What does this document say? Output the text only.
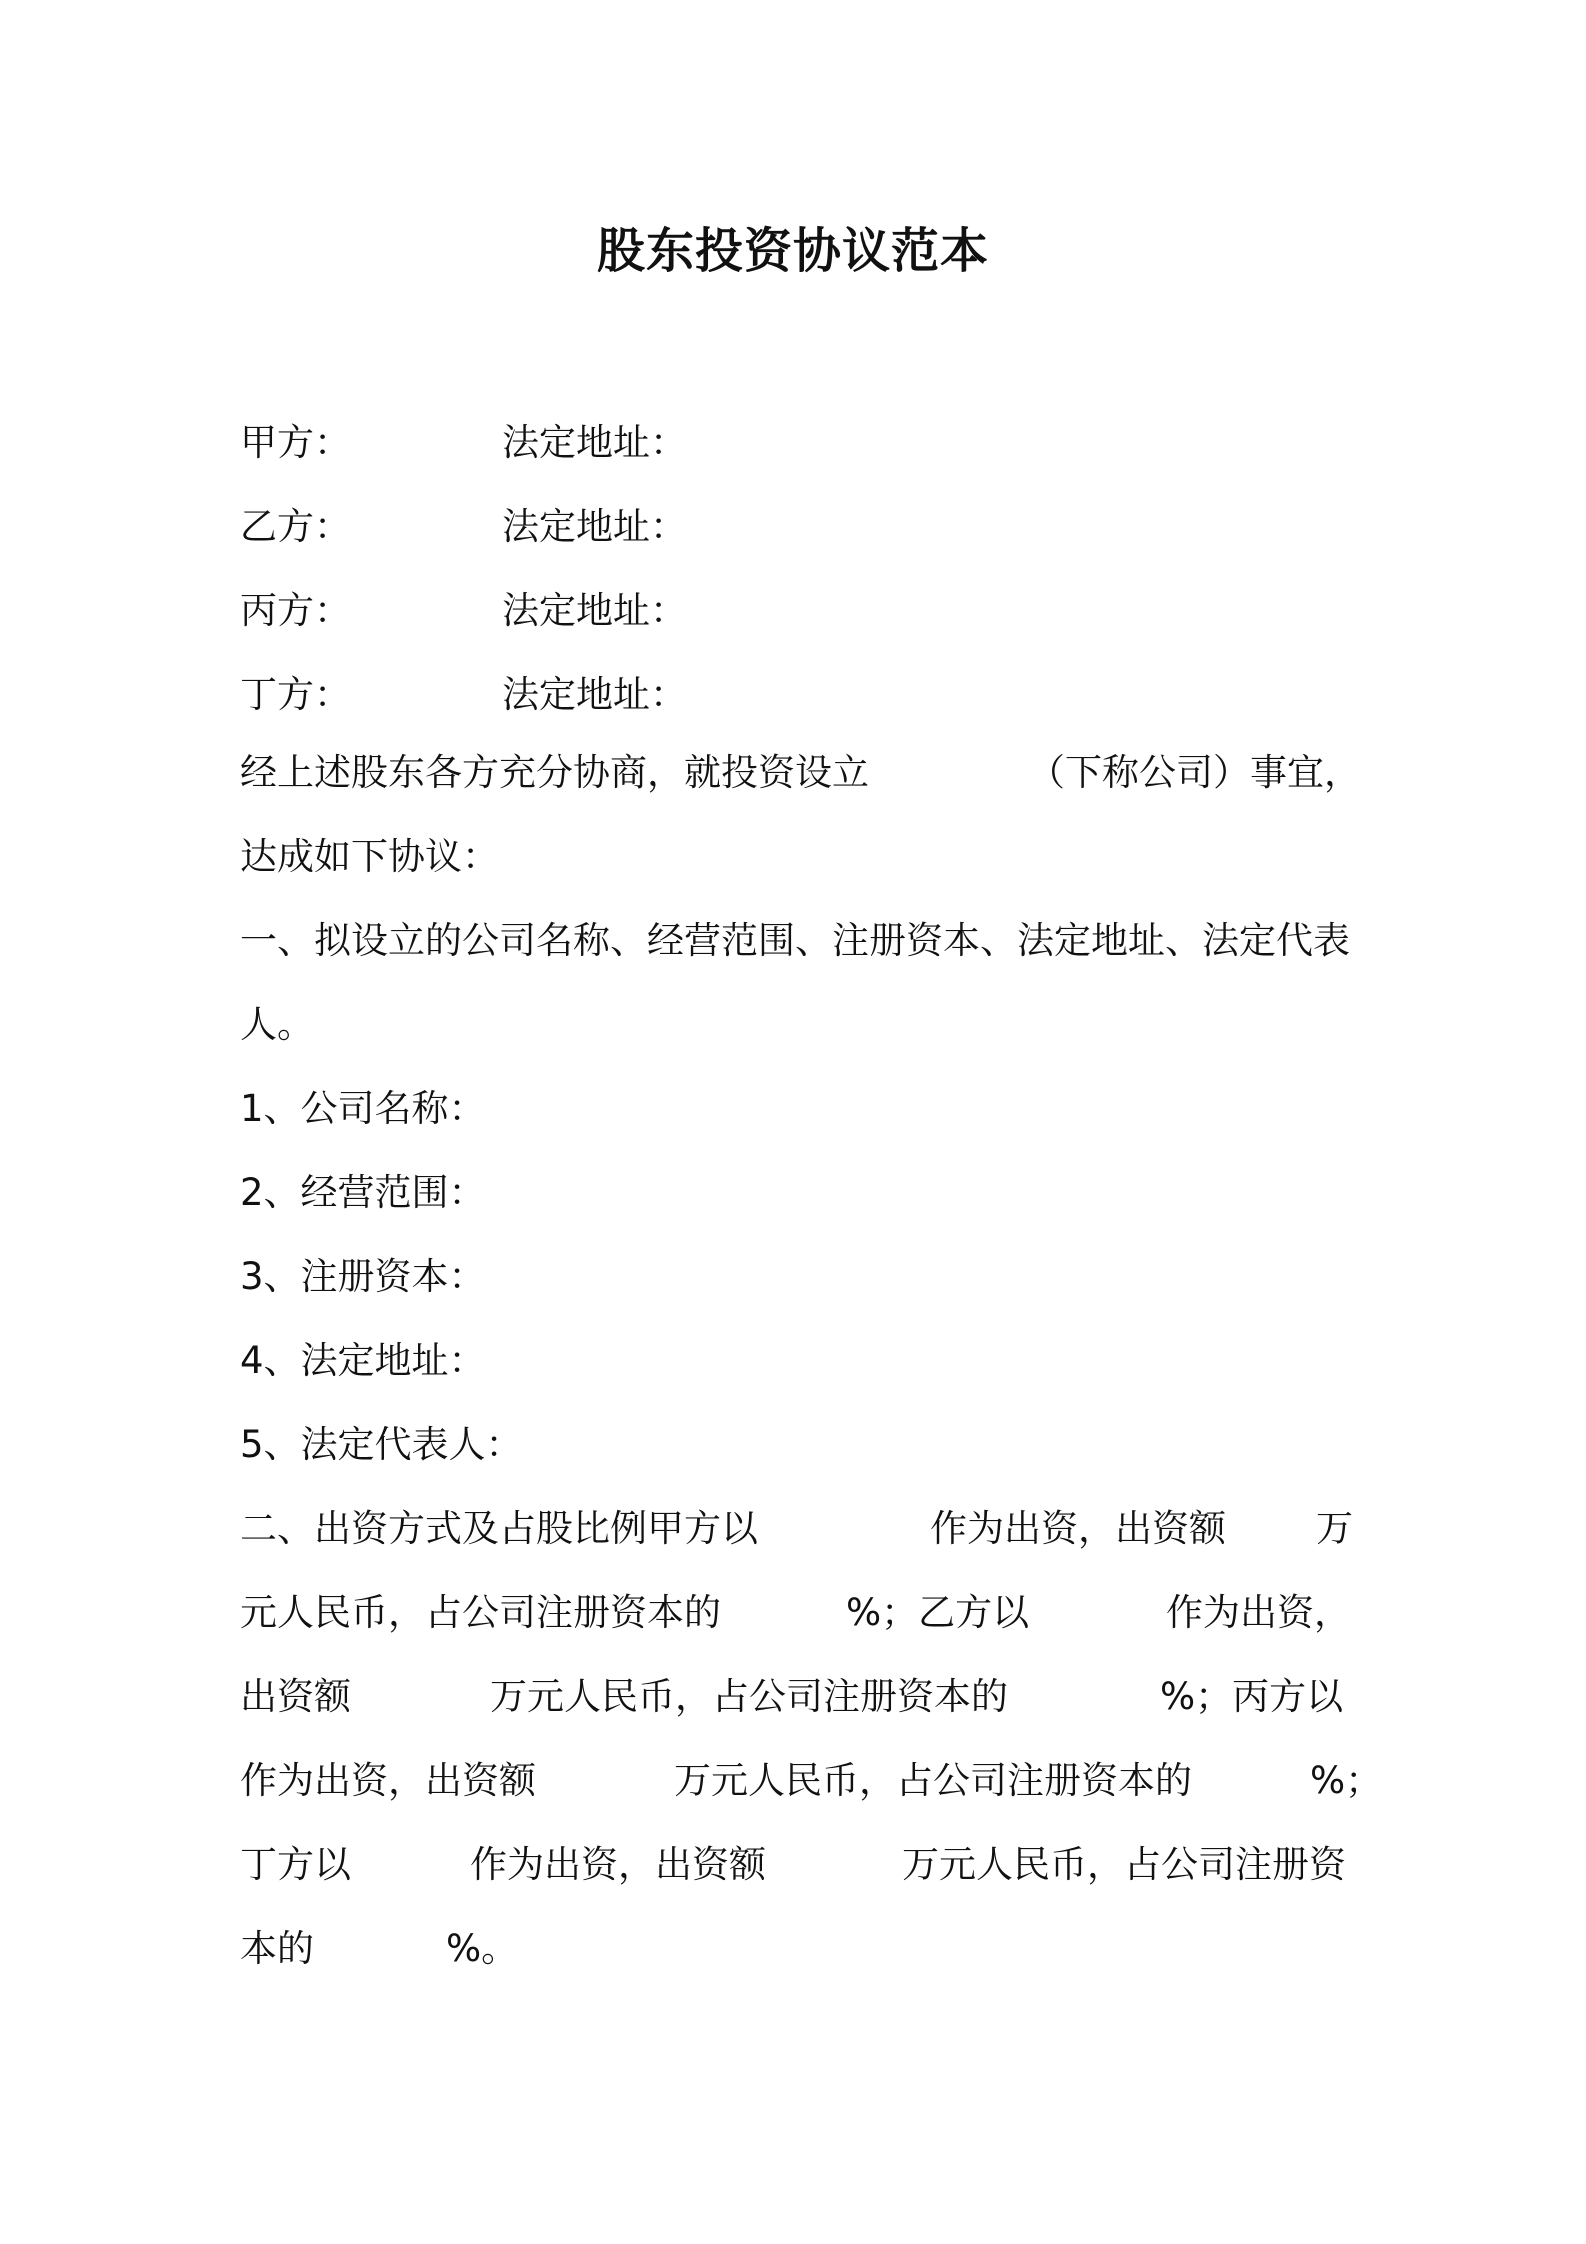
股东投资协议范本
甲方：	法定地址：
乙方：	法定地址：
丙方：	法定地址：
丁方：	法定地址：
经上述股东各方充分协商，就投资设立	（下称公司）事宜，
达成如下协议：
一、拟设立的公司名称、经营范围、注册资本、法定地址、法定代表
人。
1、公司名称：
2、经营范围：
3、注册资本：
4、法定地址：
5、法定代表人：
二、出资方式及占股比例甲方以	作为出资，出资额 万
元人民币，占公司注册资本的	%；乙方以	作为出资，
出资额	万元人民币，占公司注册资本的	%；丙方以
作为出资，出资额	万元人民币，占公司注册资本的	%；
丁方以	作为出资，出资额	万元人民币，占公司注册资
本的	%。
